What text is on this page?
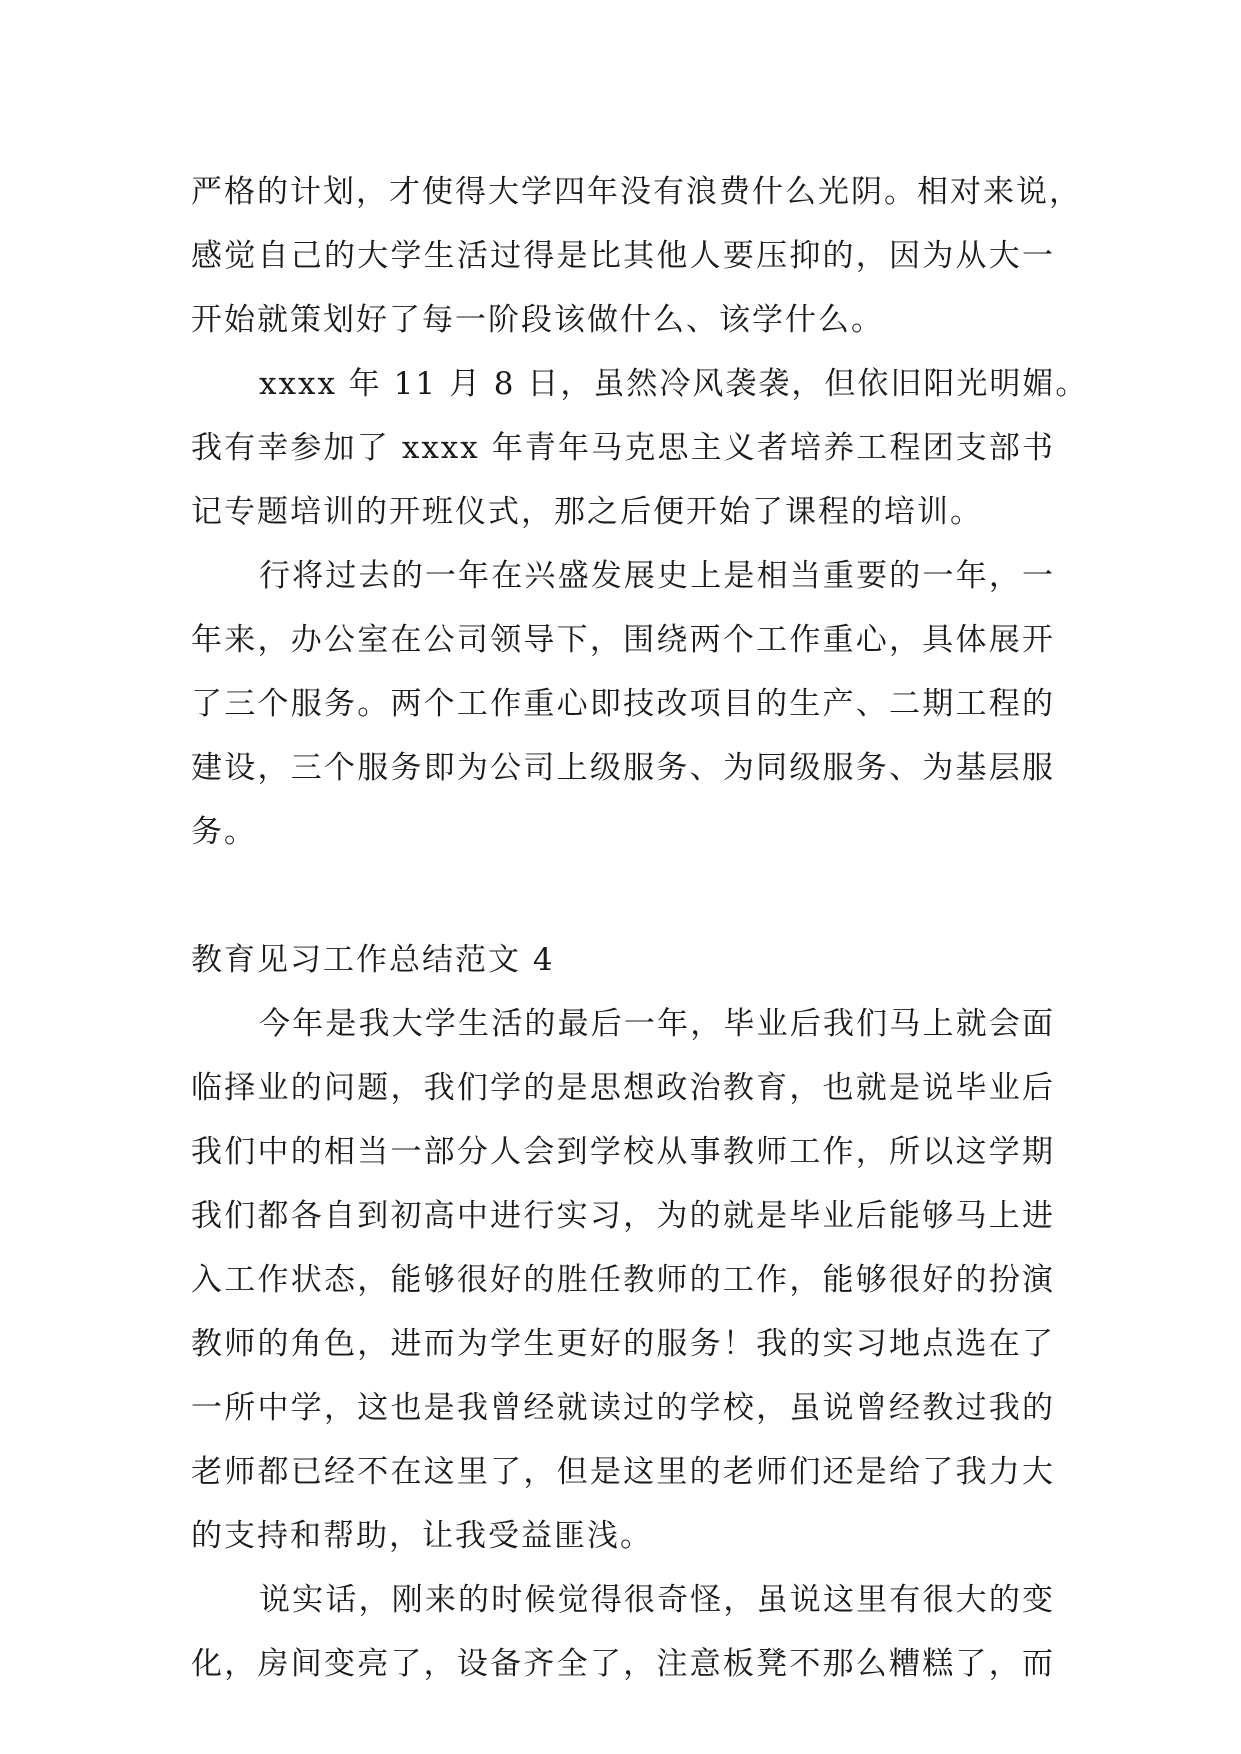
严格的计划，才使得大学四年没有浪费什么光阴。相对来说，
感觉自己的大学生活过得是比其他人要压抑的，因为从大一
开始就策划好了每一阶段该做什么、该学什么。
xxxx 年 11 月 8 日，虽然冷风袭袭，但依旧阳光明媚。
我有幸参加了 xxxx 年青年马克思主义者培养工程团支部书
记专题培训的开班仪式，那之后便开始了课程的培训。
行将过去的一年在兴盛发展史上是相当重要的一年，一
年来，办公室在公司领导下，围绕两个工作重心，具体展开
了三个服务。两个工作重心即技改项目的生产、二期工程的
建设，三个服务即为公司上级服务、为同级服务、为基层服
务。
教育见习工作总结范文 4
今年是我大学生活的最后一年，毕业后我们马上就会面
临择业的问题，我们学的是思想政治教育，也就是说毕业后
我们中的相当一部分人会到学校从事教师工作，所以这学期
我们都各自到初高中进行实习，为的就是毕业后能够马上进
入工作状态，能够很好的胜任教师的工作，能够很好的扮演
教师的角色，进而为学生更好的服务！我的实习地点选在了
一所中学，这也是我曾经就读过的学校，虽说曾经教过我的
老师都已经不在这里了，但是这里的老师们还是给了我力大
的支持和帮助，让我受益匪浅。
说实话，刚来的时候觉得很奇怪，虽说这里有很大的变
化，房间变亮了，设备齐全了，注意板凳不那么糟糕了，而
